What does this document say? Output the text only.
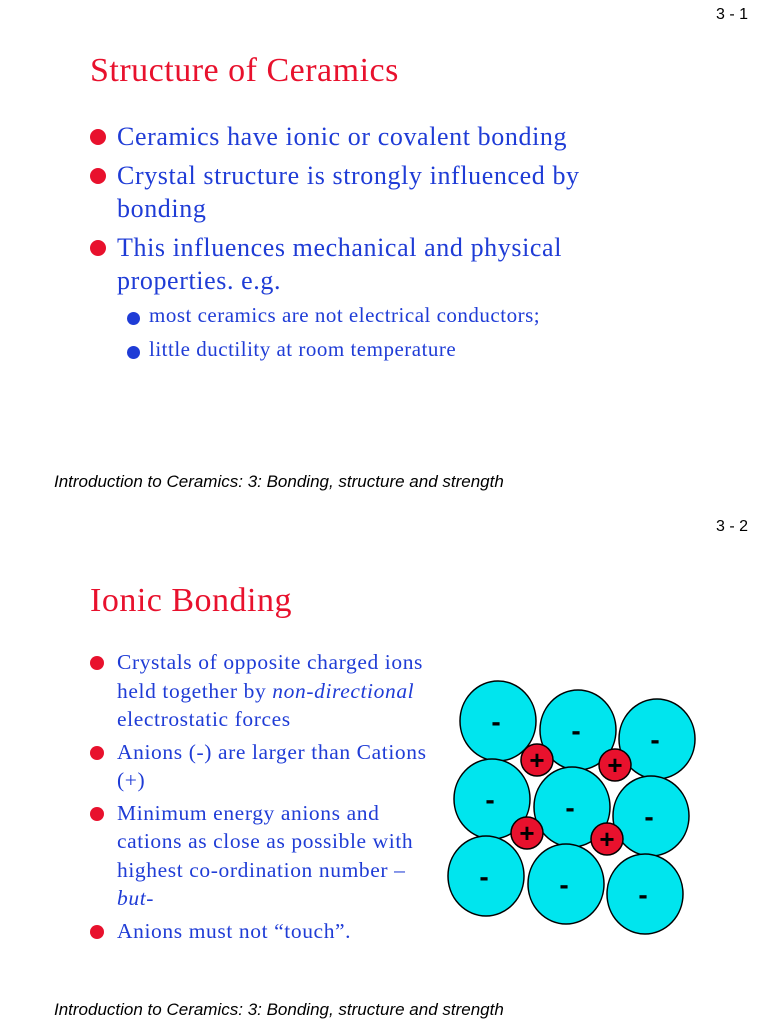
3 - 1
Structure of Ceramics
Ceramics have ionic or covalent bonding
Crystal structure is strongly influenced by bonding
This influences mechanical and physical properties. e.g.
most ceramics are not electrical conductors;
little ductility at room temperature
Introduction to Ceramics: 3: Bonding, structure and strength
3 - 2
Ionic Bonding
Crystals of opposite charged ions held together by non-directional electrostatic forces
Anions (-) are larger than Cations (+)
Minimum energy anions and cations as close as possible with highest co-ordination number – but-
Anions must not “touch”.
-	- -
-	- -
-	- -
+ +
+ +
Introduction to Ceramics: 3: Bonding, structure and strength
